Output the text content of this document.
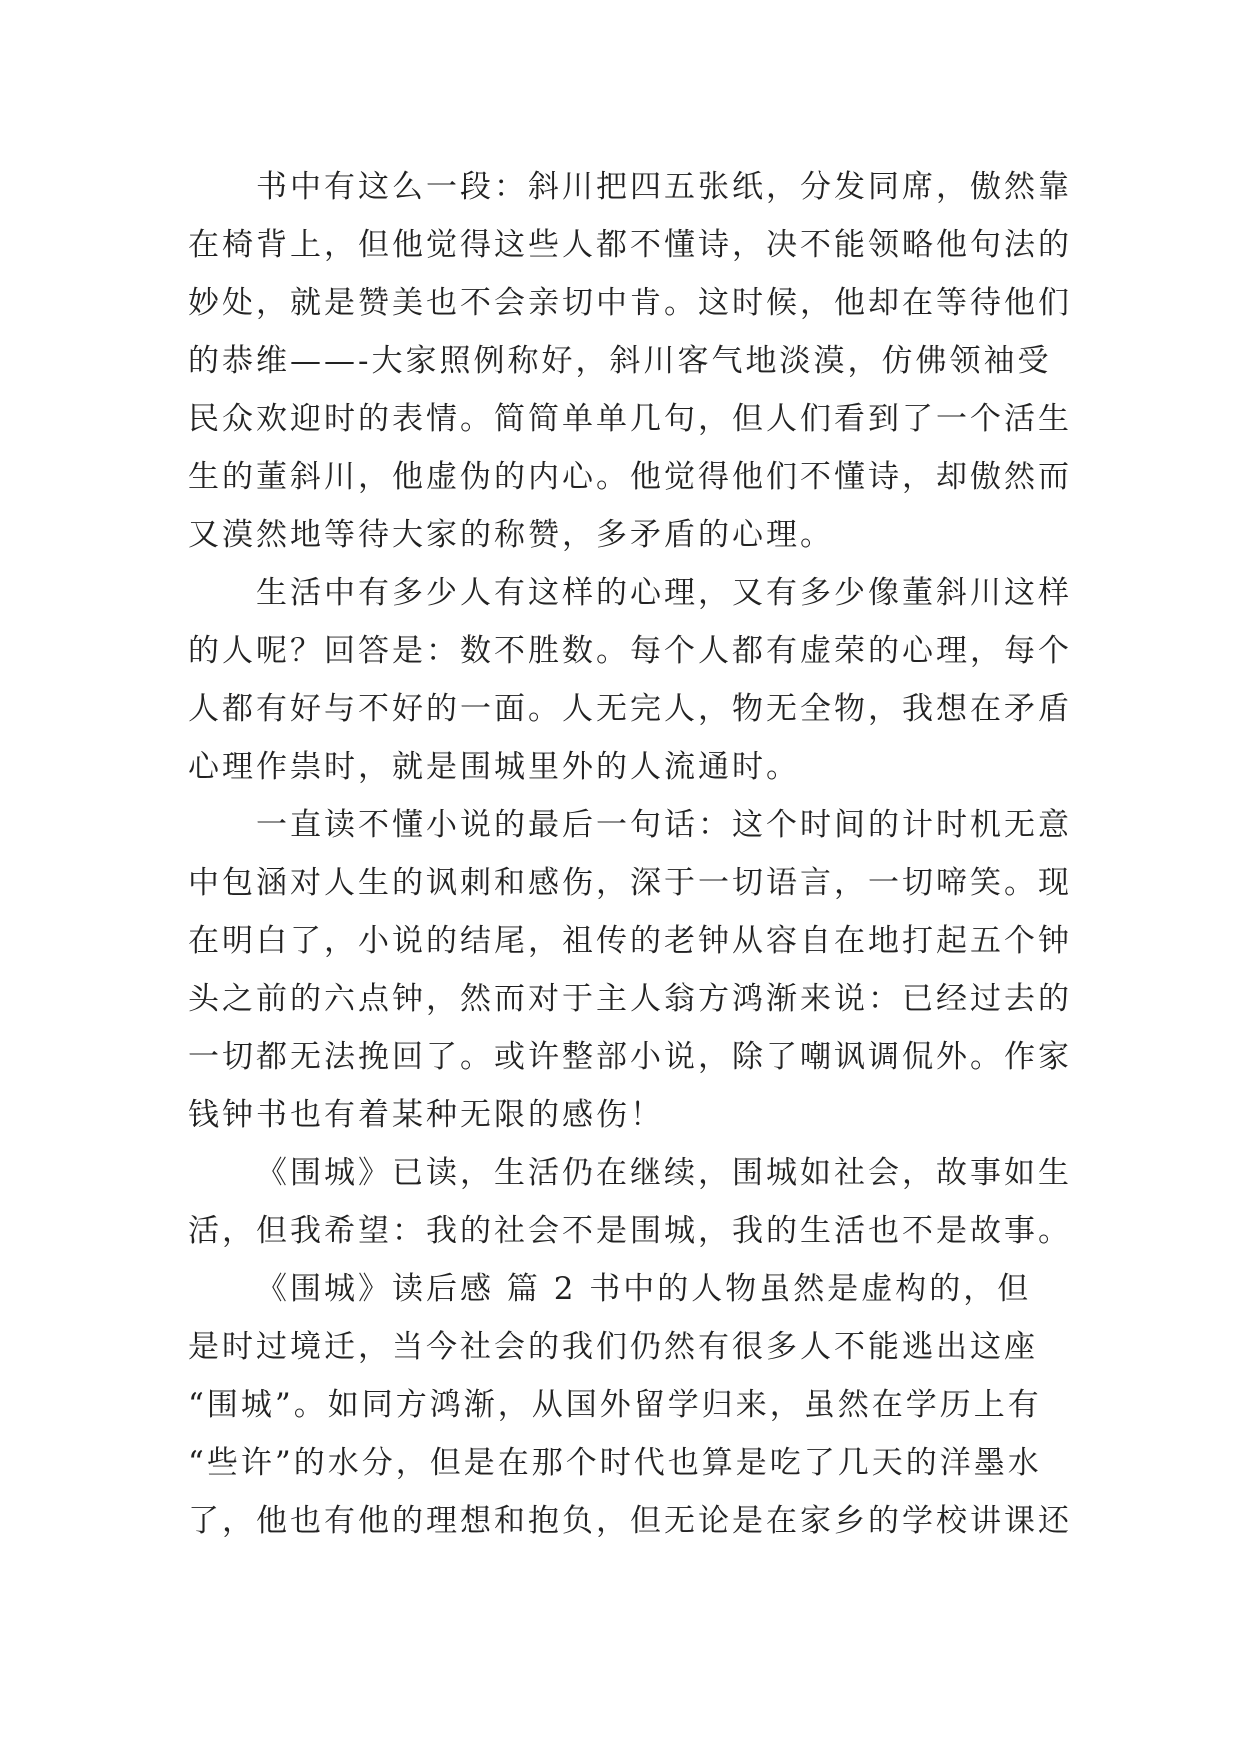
书中有这么一段：斜川把四五张纸，分发同席，傲然靠
在椅背上，但他觉得这些人都不懂诗，决不能领略他句法的
妙处，就是赞美也不会亲切中肯。这时候，他却在等待他们
的恭维——-大家照例称好，斜川客气地淡漠，仿佛领袖受
民众欢迎时的表情。简简单单几句，但人们看到了一个活生
生的董斜川，他虚伪的内心。他觉得他们不懂诗，却傲然而
又漠然地等待大家的称赞，多矛盾的心理。
生活中有多少人有这样的心理，又有多少像董斜川这样
的人呢？回答是：数不胜数。每个人都有虚荣的心理，每个
人都有好与不好的一面。人无完人，物无全物，我想在矛盾
心理作祟时，就是围城里外的人流通时。
一直读不懂小说的最后一句话：这个时间的计时机无意
中包涵对人生的讽刺和感伤，深于一切语言，一切啼笑。现
在明白了，小说的结尾，祖传的老钟从容自在地打起五个钟
头之前的六点钟，然而对于主人翁方鸿渐来说：已经过去的
一切都无法挽回了。或许整部小说，除了嘲讽调侃外。作家
钱钟书也有着某种无限的感伤！
《围城》已读，生活仍在继续，围城如社会，故事如生
活，但我希望：我的社会不是围城，我的生活也不是故事。
《围城》读后感 篇 2 书中的人物虽然是虚构的，但
是时过境迁，当今社会的我们仍然有很多人不能逃出这座
“围城”。如同方鸿渐，从国外留学归来，虽然在学历上有
“些许”的水分，但是在那个时代也算是吃了几天的洋墨水
了，他也有他的理想和抱负，但无论是在家乡的学校讲课还
